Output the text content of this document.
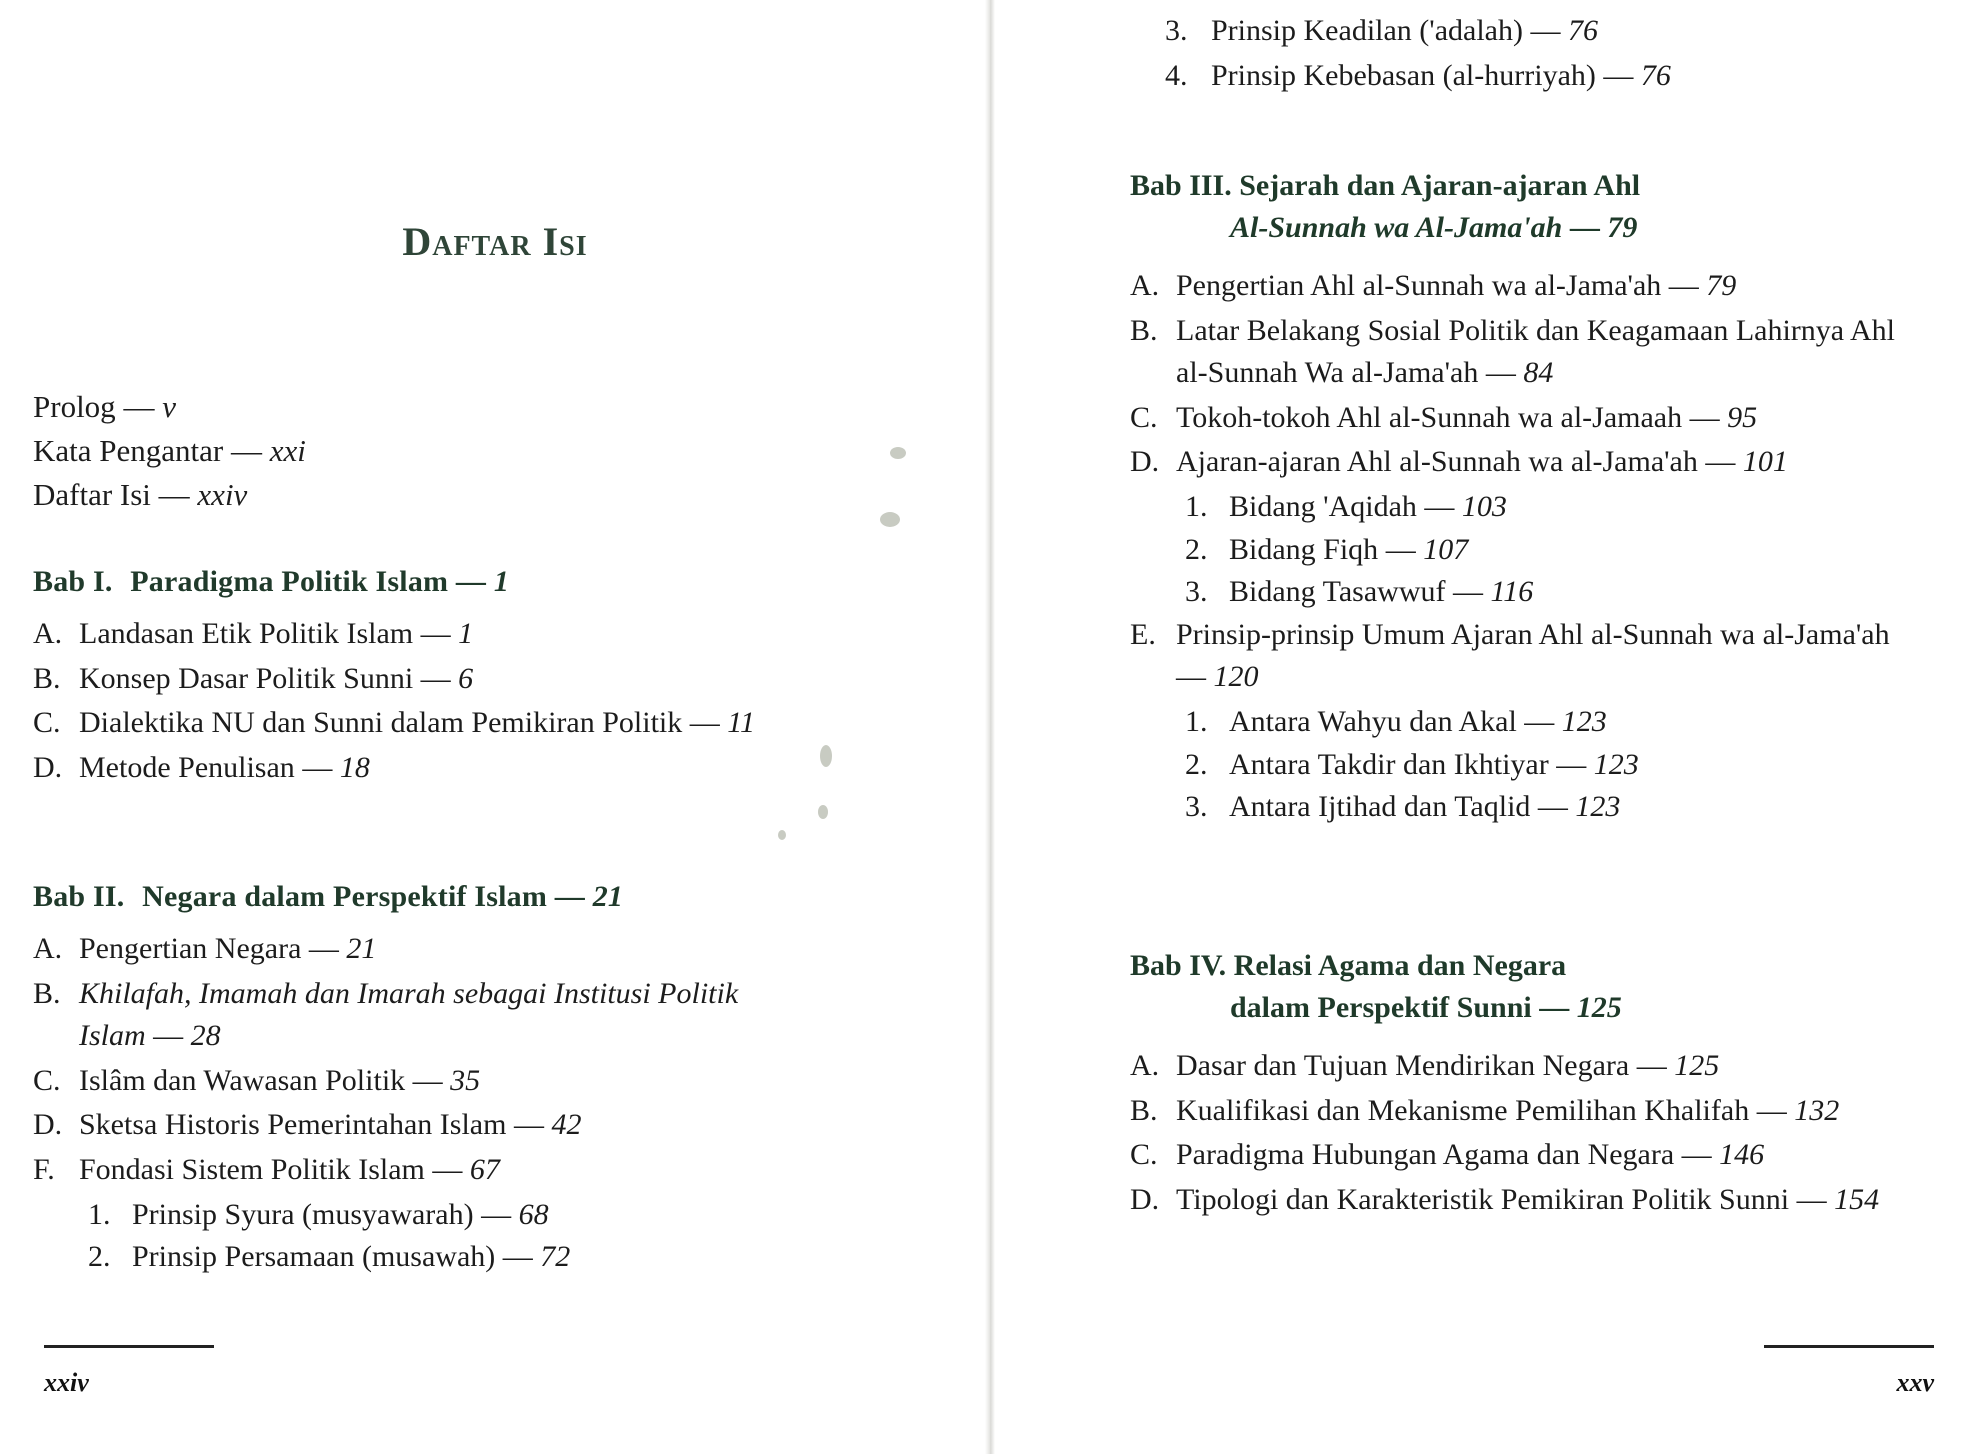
Daftar Isi
Prolog — v
Kata Pengantar — xxi
Daftar Isi — xxiv
Bab I. Paradigma Politik Islam — 1
A. Landasan Etik Politik Islam — 1
B. Konsep Dasar Politik Sunni — 6
C. Dialektika NU dan Sunni dalam Pemikiran Politik — 11
D. Metode Penulisan — 18
Bab II. Negara dalam Perspektif Islam — 21
A. Pengertian Negara — 21
B. Khilafah, Imamah dan Imarah sebagai Institusi Politik Islam — 28
C. Islâm dan Wawasan Politik — 35
D. Sketsa Historis Pemerintahan Islam — 42
F. Fondasi Sistem Politik Islam — 67
1. Prinsip Syura (musyawarah) — 68
2. Prinsip Persamaan (musawah) — 72
xxiv
3. Prinsip Keadilan ('adalah) — 76
4. Prinsip Kebebasan (al-hurriyah) — 76
Bab III. Sejarah dan Ajaran-ajaran Ahl
Al-Sunnah wa Al-Jama'ah — 79
A. Pengertian Ahl al-Sunnah wa al-Jama'ah — 79
B. Latar Belakang Sosial Politik dan Keagamaan Lahirnya Ahl al-Sunnah Wa al-Jama'ah — 84
C. Tokoh-tokoh Ahl al-Sunnah wa al-Jamaah — 95
D. Ajaran-ajaran Ahl al-Sunnah wa al-Jama'ah — 101
1. Bidang 'Aqidah — 103
2. Bidang Fiqh — 107
3. Bidang Tasawwuf — 116
E. Prinsip-prinsip Umum Ajaran Ahl al-Sunnah wa al-Jama'ah — 120
1. Antara Wahyu dan Akal — 123
2. Antara Takdir dan Ikhtiyar — 123
3. Antara Ijtihad dan Taqlid — 123
Bab IV. Relasi Agama dan Negara
dalam Perspektif Sunni — 125
A. Dasar dan Tujuan Mendirikan Negara — 125
B. Kualifikasi dan Mekanisme Pemilihan Khalifah — 132
C. Paradigma Hubungan Agama dan Negara — 146
D. Tipologi dan Karakteristik Pemikiran Politik Sunni — 154
xxv
